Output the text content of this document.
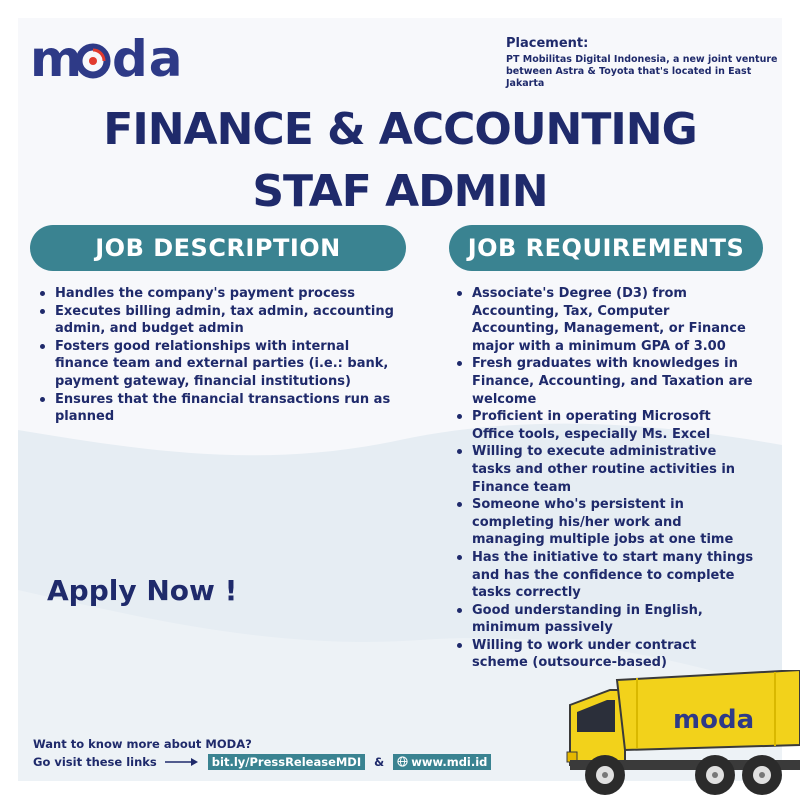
m da	Placement:
PT Mobilitas Digital Indonesia, a new joint venture
between Astra & Toyota that's located in East Jakarta
FINANCE & ACCOUNTING
STAF ADMIN
JOB DESCRIPTION	JOB REQUIREMENTS
Handles the company's payment process
Executes billing admin, tax admin, accounting admin, and budget admin
Fosters good relationships with internal finance team and external parties (i.e.: bank, payment gateway, financial institutions)
Ensures that the financial transactions run as planned
Associate's Degree (D3) from Accounting, Tax, Computer Accounting, Management, or Finance major with a minimum GPA of 3.00
Fresh graduates with knowledges in Finance, Accounting, and Taxation are welcome
Proficient in operating Microsoft Office tools, especially Ms. Excel
Willing to execute administrative tasks and other routine activities in Finance team
Someone who's persistent in completing his/her work and managing multiple jobs at one time
Has the initiative to start many things and has the confidence to complete tasks correctly
Good understanding in English, minimum passively
Willing to work under contract scheme (outsource-based)
Apply Now !
Want to know more about MODA?
Go visit these links	bit.ly/PressReleaseMDI & www.mdi.id
moda
